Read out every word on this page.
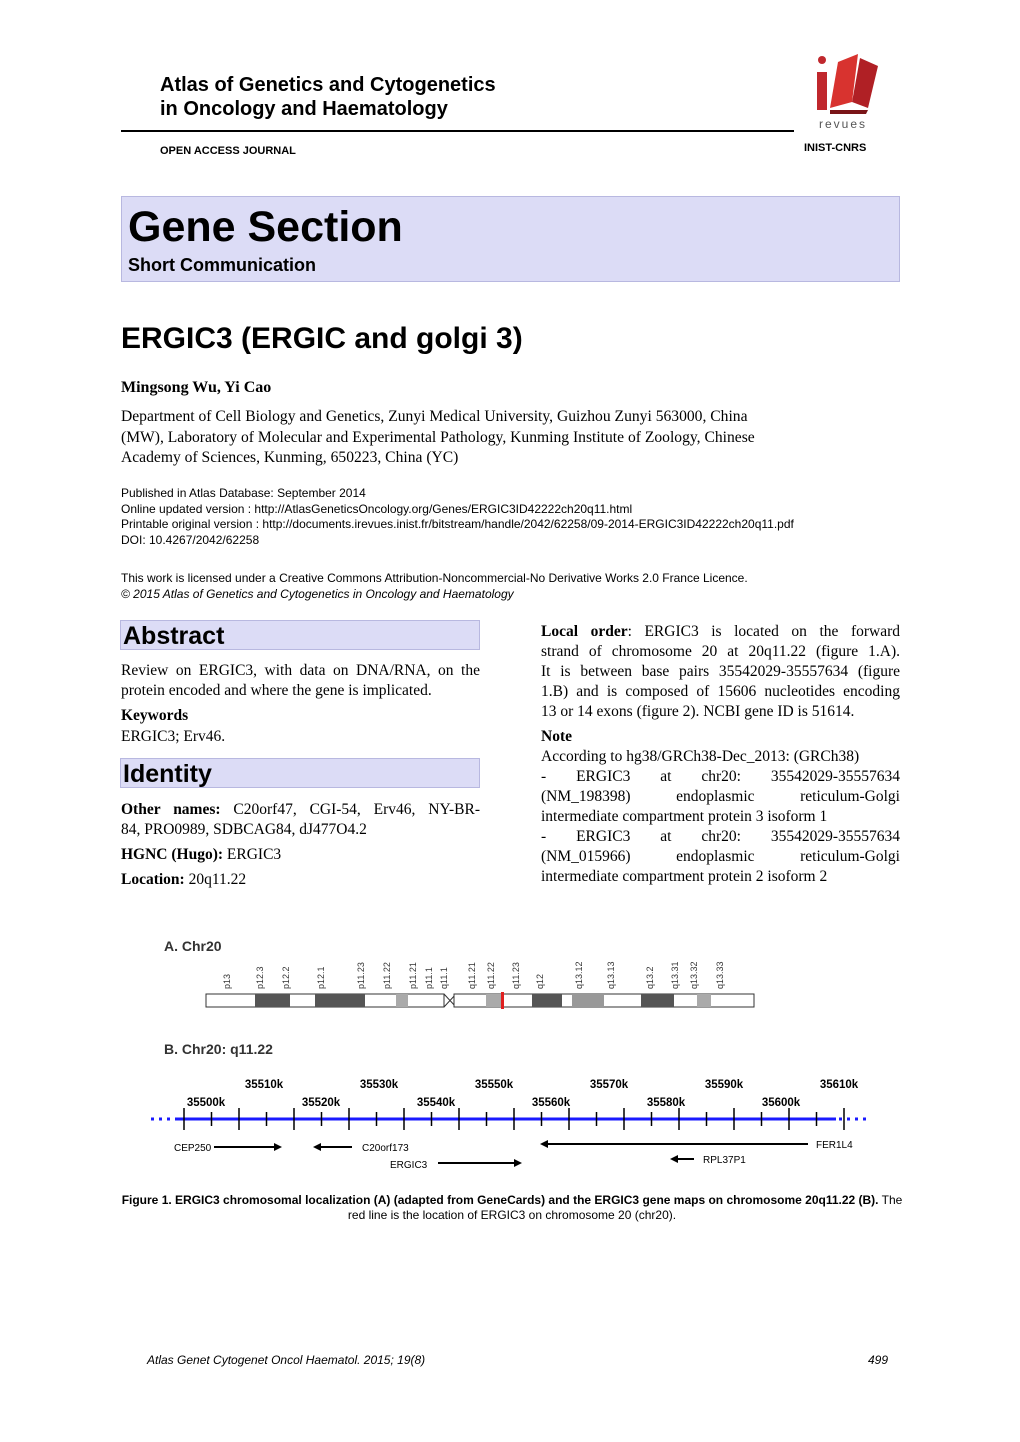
Atlas of Genetics and Cytogenetics
in Oncology and Haematology
OPEN ACCESS JOURNAL	INIST-CNRS
revues
Gene Section
Short Communication
ERGIC3 (ERGIC and golgi 3)
Mingsong Wu, Yi Cao
Department of Cell Biology and Genetics, Zunyi Medical University, Guizhou Zunyi 563000, China
(MW), Laboratory of Molecular and Experimental Pathology, Kunming Institute of Zoology, Chinese
Academy of Sciences, Kunming, 650223, China (YC)
Published in Atlas Database: September 2014
Online updated version : http://AtlasGeneticsOncology.org/Genes/ERGIC3ID42222ch20q11.html
Printable original version : http://documents.irevues.inist.fr/bitstream/handle/2042/62258/09-2014-ERGIC3ID42222ch20q11.pdf
DOI: 10.4267/2042/62258
This work is licensed under a Creative Commons Attribution-Noncommercial-No Derivative Works 2.0 France Licence.
© 2015 Atlas of Genetics and Cytogenetics in Oncology and Haematology
Abstract
Review on ERGIC3, with data on DNA/RNA, on the
protein encoded and where the gene is implicated.
Keywords
ERGIC3; Erv46.
Identity
Other names: C20orf47, CGI-54, Erv46, NY-BR-
84, PRO0989, SDBCAG84, dJ477O4.2
HGNC (Hugo): ERGIC3
Location: 20q11.22
Local order: ERGIC3 is located on the forward
strand of chromosome 20 at 20q11.22 (figure 1.A).
It is between base pairs 35542029-35557634 (figure
1.B) and is composed of 15606 nucleotides encoding
13 or 14 exons (figure 2). NCBI gene ID is 51614.
Note
According to hg38/GRCh38-Dec_2013: (GRCh38)
- ERGIC3 at chr20: 35542029-35557634
(NM_198398) endoplasmic reticulum-Golgi
intermediate compartment protein 3 isoform 1
- ERGIC3 at chr20: 35542029-35557634
(NM_015966) endoplasmic reticulum-Golgi
intermediate compartment protein 2 isoform 2
A. Chr20
p13	p12.3 p12.2	p12.1	p11.23 p11.22 p11.21 p11.1 q11.1 q11.21 q11.22 q11.23 q12	q13.12 q13.13	q13.2 q13.31 q13.32 q13.33
B. Chr20: q11.22
35510k	35530k	35550k	35570k	35590k	35610k
35500k	35520k	35540k	35560k	35580k	35600k
CEP250	C20orf173
ERGIC3
FER1L4
RPL37P1
Figure 1. ERGIC3 chromosomal localization (A) (adapted from GeneCards) and the ERGIC3 gene maps on chromosome 20q11.22 (B). The red line is the location of ERGIC3 on chromosome 20 (chr20).
Atlas Genet Cytogenet Oncol Haematol. 2015; 19(8)	499
